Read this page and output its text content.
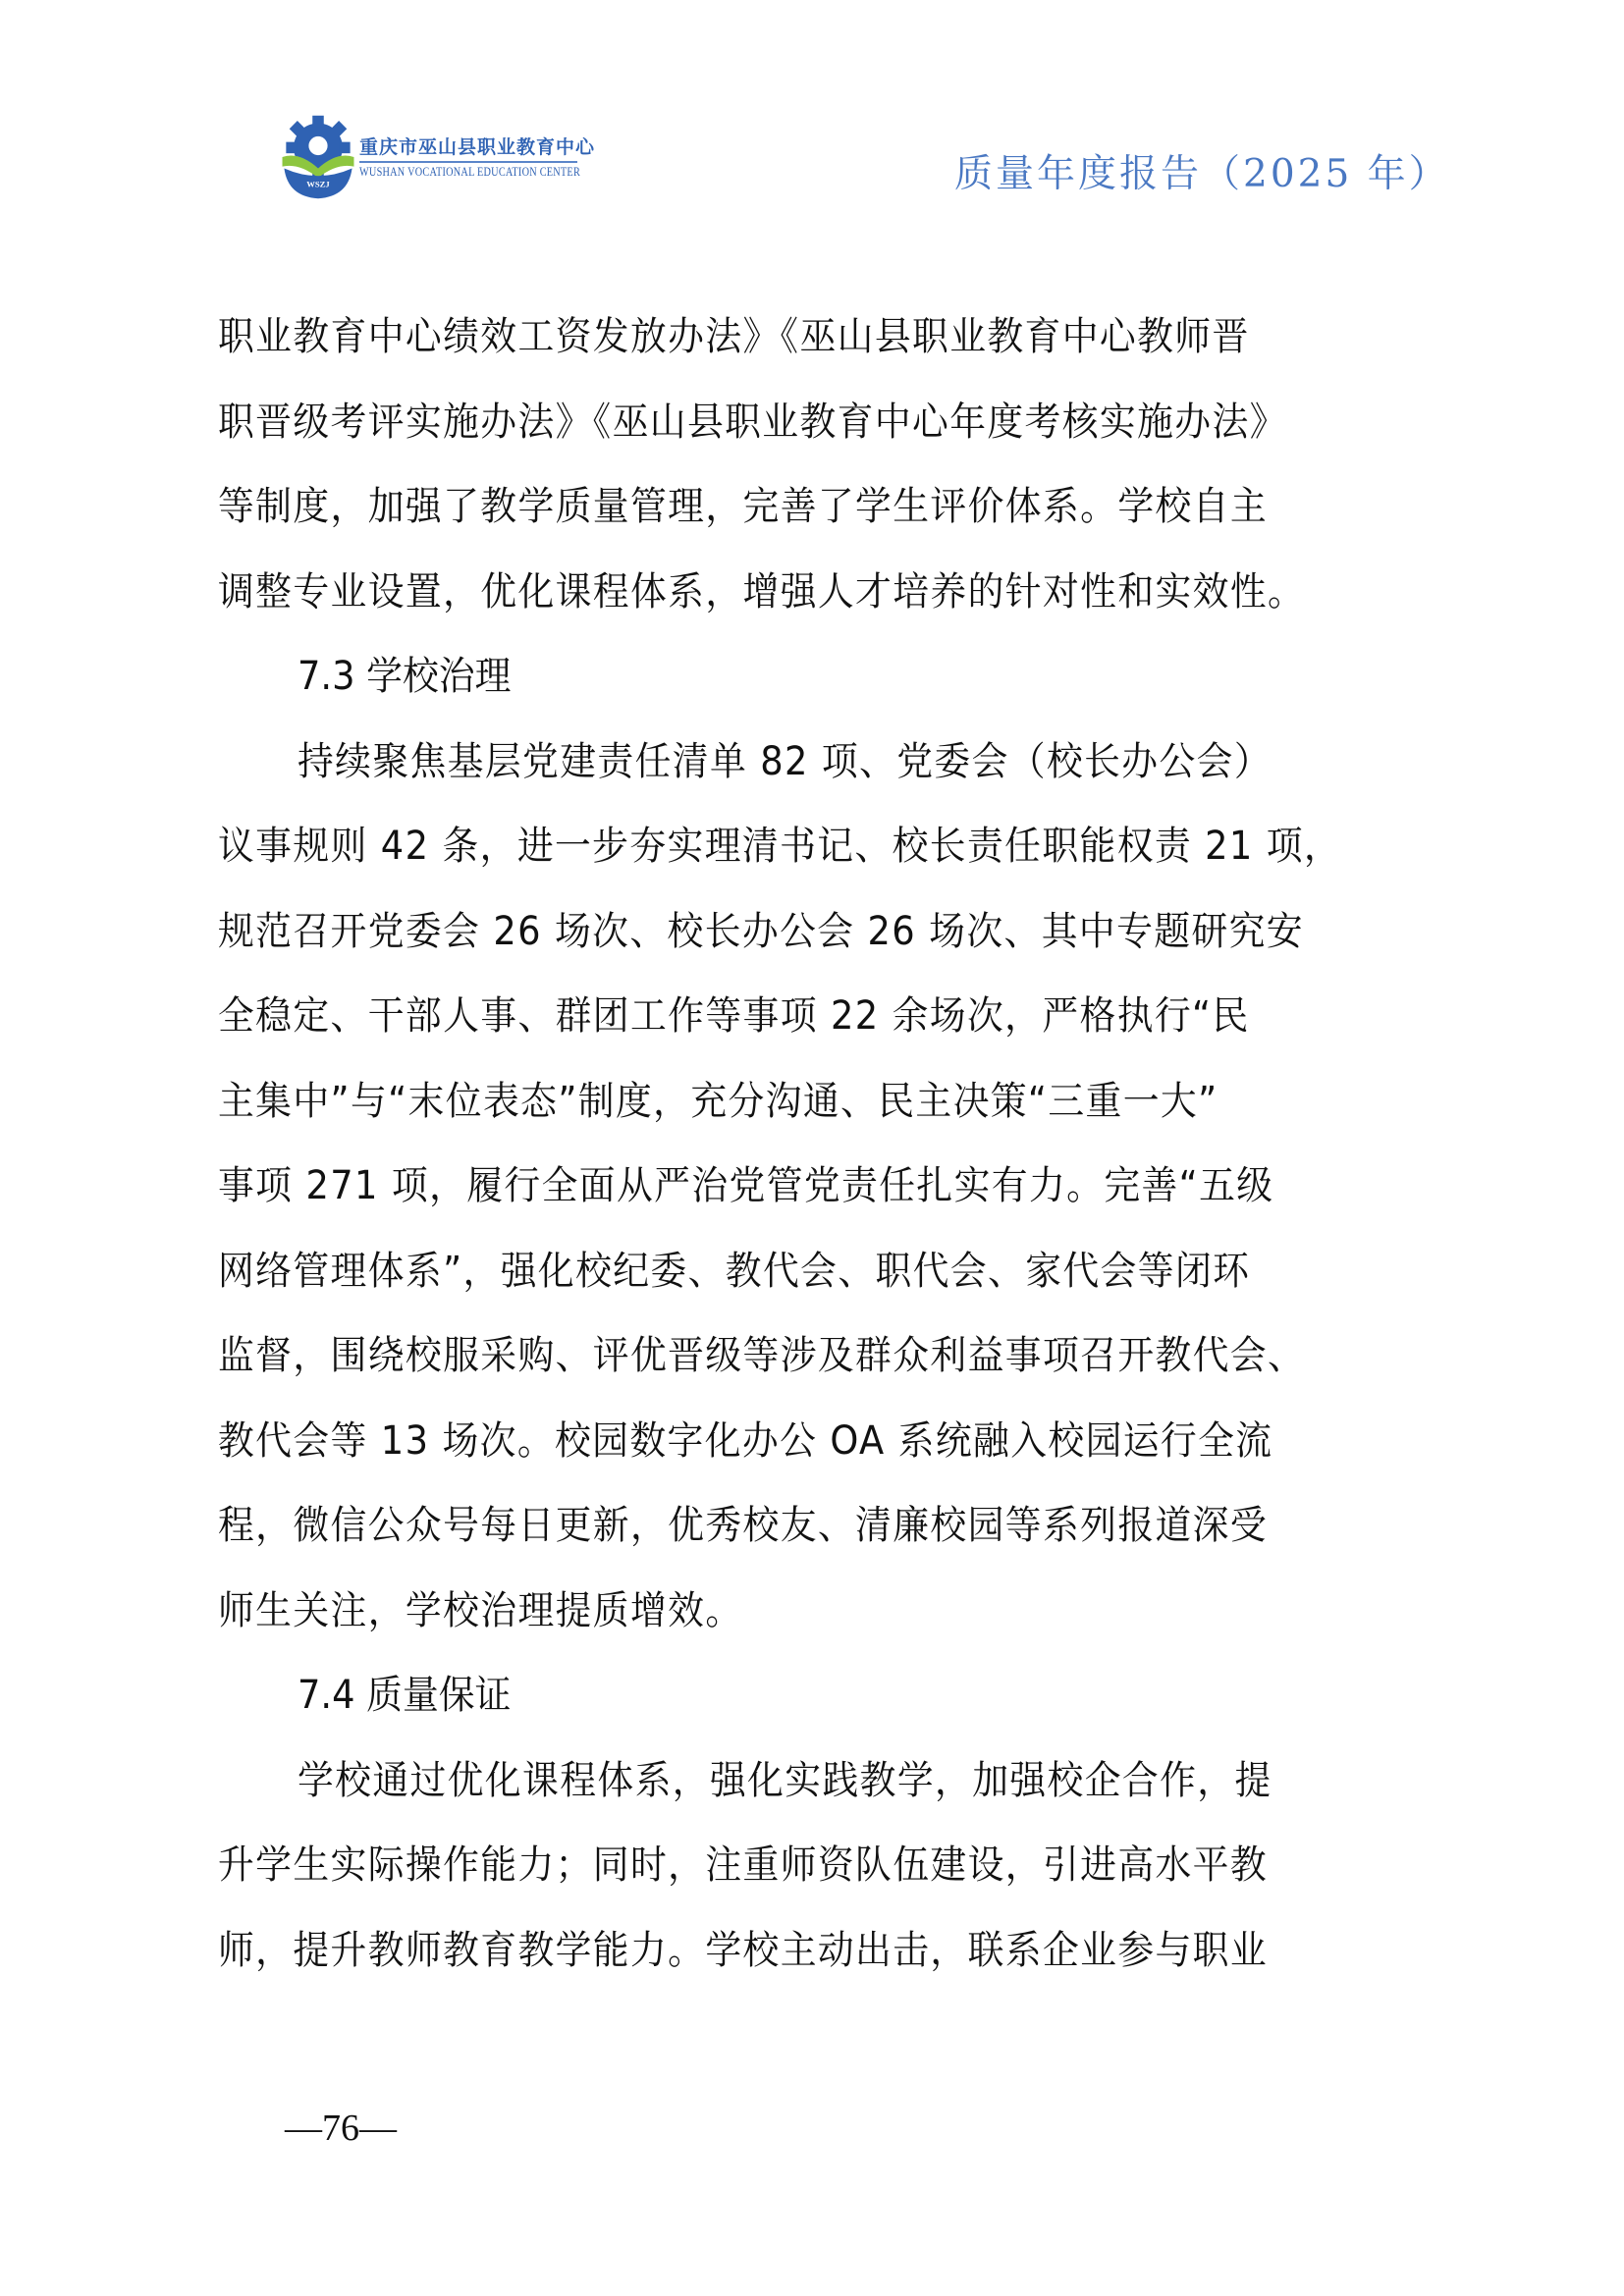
WSZJ
重庆市巫山县职业教育中心
WUSHAN VOCATIONAL EDUCATION CENTER	质量年度报告（2025 年）
职业教育中心绩效工资发放办法》《巫山县职业教育中心教师晋
职晋级考评实施办法》《巫山县职业教育中心年度考核实施办法》
等制度，加强了教学质量管理，完善了学生评价体系。学校自主
调整专业设置，优化课程体系，增强人才培养的针对性和实效性。
7.3 学校治理
持续聚焦基层党建责任清单 82 项、党委会（校长办公会）
议事规则 42 条，进一步夯实理清书记、校长责任职能权责 21 项，
规范召开党委会 26 场次、校长办公会 26 场次、其中专题研究安
全稳定、干部人事、群团工作等事项 22 余场次，严格执行“民
主集中”与“末位表态”制度，充分沟通、民主决策“三重一大”
事项 271 项，履行全面从严治党管党责任扎实有力。完善“五级
网络管理体系”，强化校纪委、教代会、职代会、家代会等闭环
监督，围绕校服采购、评优晋级等涉及群众利益事项召开教代会、
教代会等 13 场次。校园数字化办公 OA 系统融入校园运行全流
程，微信公众号每日更新，优秀校友、清廉校园等系列报道深受
师生关注，学校治理提质增效。
7.4 质量保证
学校通过优化课程体系，强化实践教学，加强校企合作，提
升学生实际操作能力；同时，注重师资队伍建设，引进高水平教
师，提升教师教育教学能力。学校主动出击，联系企业参与职业
—76—
